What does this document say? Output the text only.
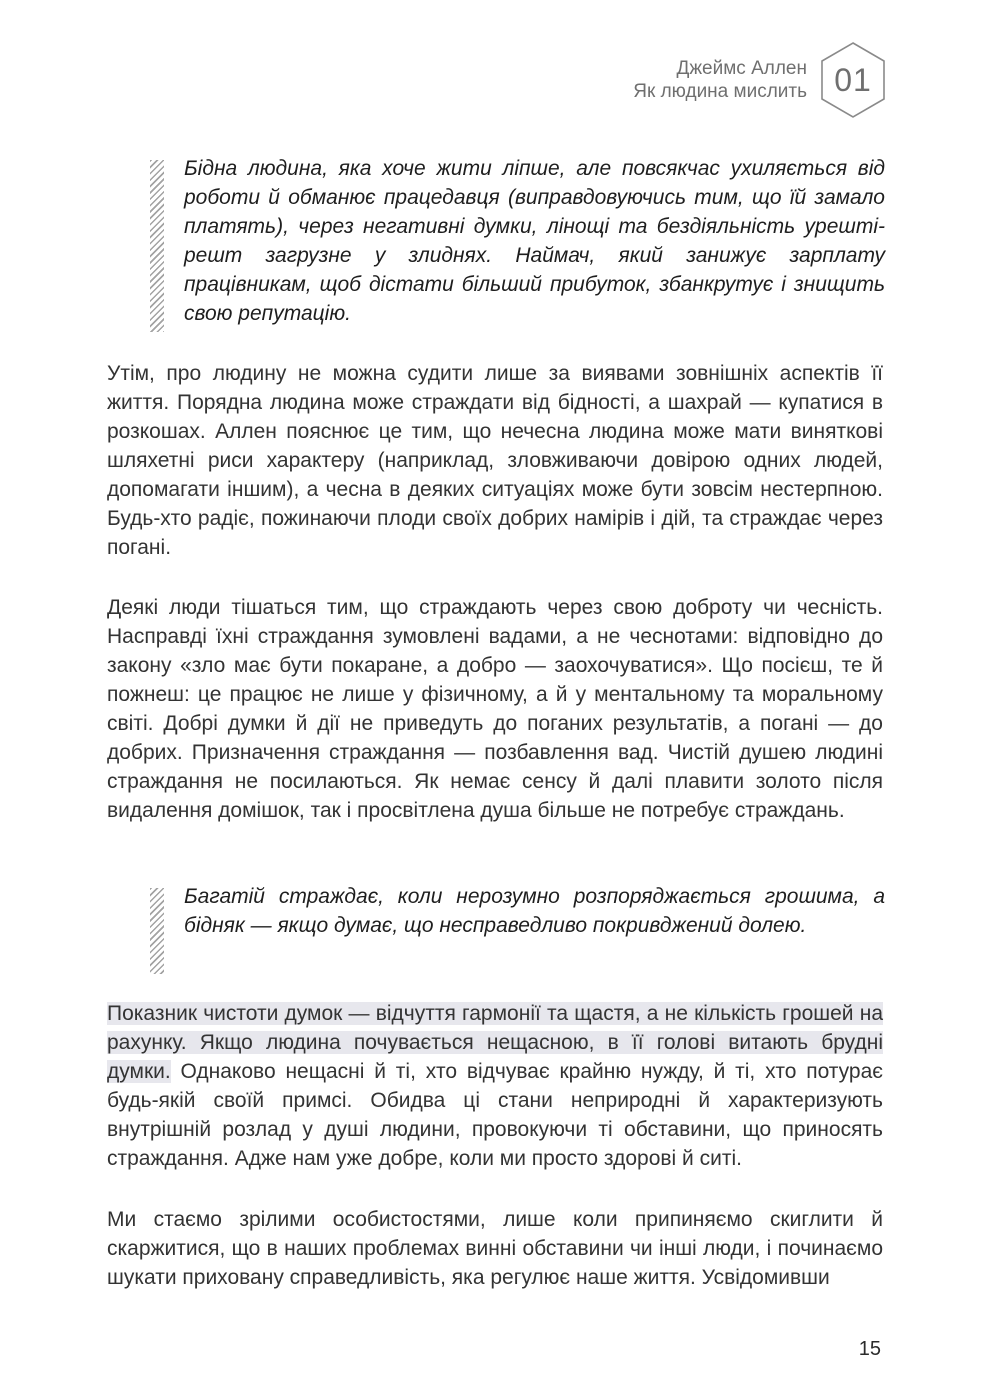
Джеймс Аллен
Як людина мислить 01
Бідна людина, яка хоче жити ліпше, але повсякчас ухиляється від роботи й обманює працедавця (виправдовуючись тим, що їй замало платять), через негативні думки, лінощі та бездіяльність урешті-решт загрузне у злиднях. Наймач, який занижує зарплату працівникам, щоб дістати більший прибуток, збанкрутує і знищить свою репутацію.
Утім, про людину не можна судити лише за виявами зовнішніх аспектів її життя. Порядна людина може страждати від бідності, а шахрай — купатися в розкошах. Аллен пояснює це тим, що нечесна людина може мати виняткові шляхетні риси характеру (наприклад, зловживаючи довірою одних людей, допомагати іншим), а чесна в деяких ситуаціях може бути зовсім нестерпною. Будь-хто радіє, пожинаючи плоди своїх добрих намірів і дій, та страждає через погані.
Деякі люди тішаться тим, що страждають через свою доброту чи чесність. Насправді їхні страждання зумовлені вадами, а не чеснотами: відповідно до закону «зло має бути покаране, а добро — заохочуватися». Що посієш, те й пожнеш: це працює не лише у фізичному, а й у ментальному та моральному світі. Добрі думки й дії не приведуть до поганих результатів, а погані — до добрих. Призначення страждання — позбавлення вад. Чистій душею людині страждання не посилаються. Як немає сенсу й далі плавити золото після видалення домішок, так і просвітлена душа більше не потребує страждань.
Багатій страждає, коли нерозумно розпоряджається грошима, а бідняк — якщо думає, що несправедливо покривджений долею.
Показник чистоти думок — відчуття гармонії та щастя, а не кількість грошей на рахунку. Якщо людина почувається нещасною, в її голові витають брудні думки. Однаково нещасні й ті, хто відчуває крайню нужду, й ті, хто потурає будь-якій своїй примсі. Обидва ці стани неприродні й характеризують внутрішній розлад у душі людини, провокуючи ті обставини, що приносять страждання. Адже нам уже добре, коли ми просто здорові й ситі.
Ми стаємо зрілими особистостями, лише коли припиняємо скиглити й скаржитися, що в наших проблемах винні обставини чи інші люди, і починаємо шукати приховану справедливість, яка регулює наше життя. Усвідомивши
15
